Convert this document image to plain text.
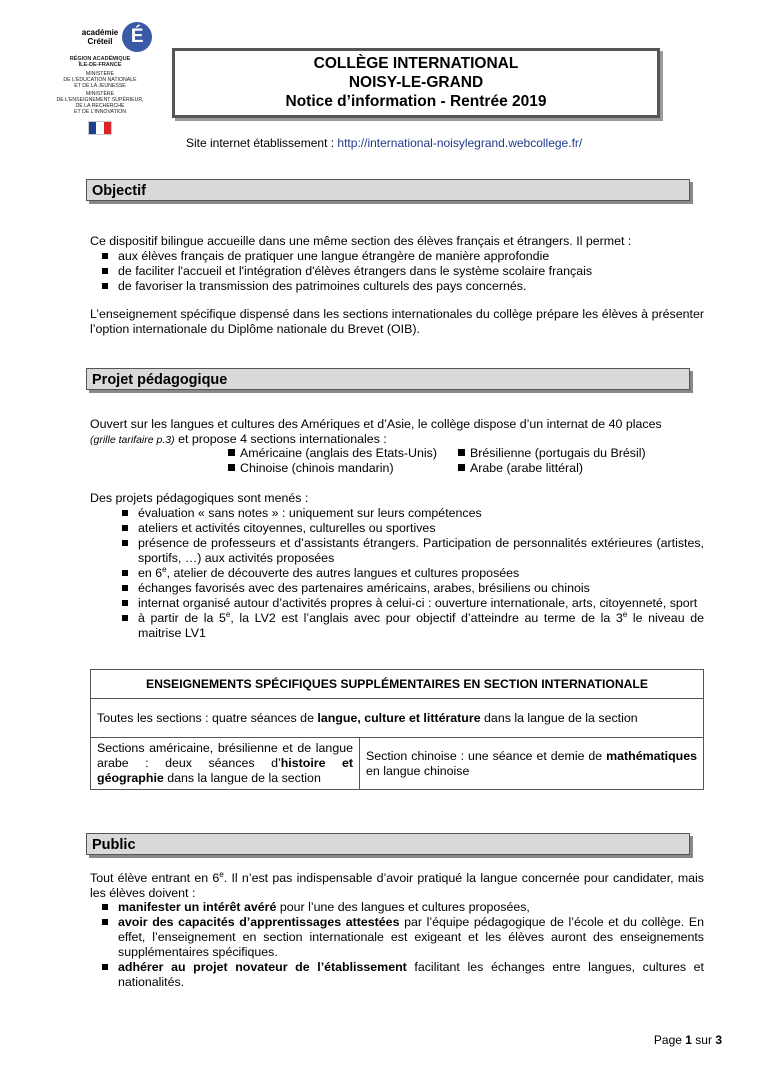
académie
Créteil É
RÉGION ACADÉMIQUE
ÎLE-DE-FRANCE
MINISTÈRE
DE L'ÉDUCATION NATIONALE
ET DE LA JEUNESSE
MINISTÈRE
DE L'ENSEIGNEMENT SUPÉRIEUR,
DE LA RECHERCHE
ET DE L'INNOVATION
COLLÈGE INTERNATIONAL
NOISY-LE-GRAND
Notice d’information - Rentrée 2019
Site internet établissement : http://international-noisylegrand.webcollege.fr/
Objectif
Ce dispositif bilingue accueille dans une même section des élèves français et étrangers. Il permet :
aux élèves français de pratiquer une langue étrangère de manière approfondie
de faciliter l'accueil et l'intégration d'élèves étrangers dans le système scolaire français
de favoriser la transmission des patrimoines culturels des pays concernés.
L’enseignement spécifique dispensé dans les sections internationales du collège prépare les élèves à présenter l’option internationale du Diplôme nationale du Brevet (OIB).
Projet pédagogique
Ouvert sur les langues et cultures des Amériques et d’Asie, le collège dispose d’un internat de 40 places
(grille tarifaire p.3) et propose 4 sections internationales :
Américaine (anglais des Etats-Unis)	Brésilienne (portugais du Brésil)
Chinoise (chinois mandarin)	Arabe (arabe littéral)
Des projets pédagogiques sont menés :
évaluation « sans notes » : uniquement sur leurs compétences
ateliers et activités citoyennes, culturelles ou sportives
présence de professeurs et d’assistants étrangers. Participation de personnalités extérieures (artistes, sportifs, …) aux activités proposées
en 6e, atelier de découverte des autres langues et cultures proposées
échanges favorisés avec des partenaires américains, arabes, brésiliens ou chinois
internat organisé autour d’activités propres à celui-ci : ouverture internationale, arts, citoyenneté, sport
à partir de la 5e, la LV2 est l’anglais avec pour objectif d’atteindre au terme de la 3e le niveau de maitrise LV1
ENSEIGNEMENTS SPÉCIFIQUES SUPPLÉMENTAIRES EN SECTION INTERNATIONALE
Toutes les sections : quatre séances de langue, culture et littérature dans la langue de la section
Sections américaine, brésilienne et de langue arabe : deux séances d’histoire et géographie dans la langue de la section	Section chinoise : une séance et demie de mathématiques en langue chinoise
Public
Tout élève entrant en 6e. Il n’est pas indispensable d’avoir pratiqué la langue concernée pour candidater, mais les élèves doivent :
manifester un intérêt avéré pour l’une des langues et cultures proposées,
avoir des capacités d’apprentissages attestées par l’équipe pédagogique de l’école et du collège. En effet, l’enseignement en section internationale est exigeant et les élèves auront des enseignements supplémentaires spécifiques.
adhérer au projet novateur de l’établissement facilitant les échanges entre langues, cultures et nationalités.
Page 1 sur 3
